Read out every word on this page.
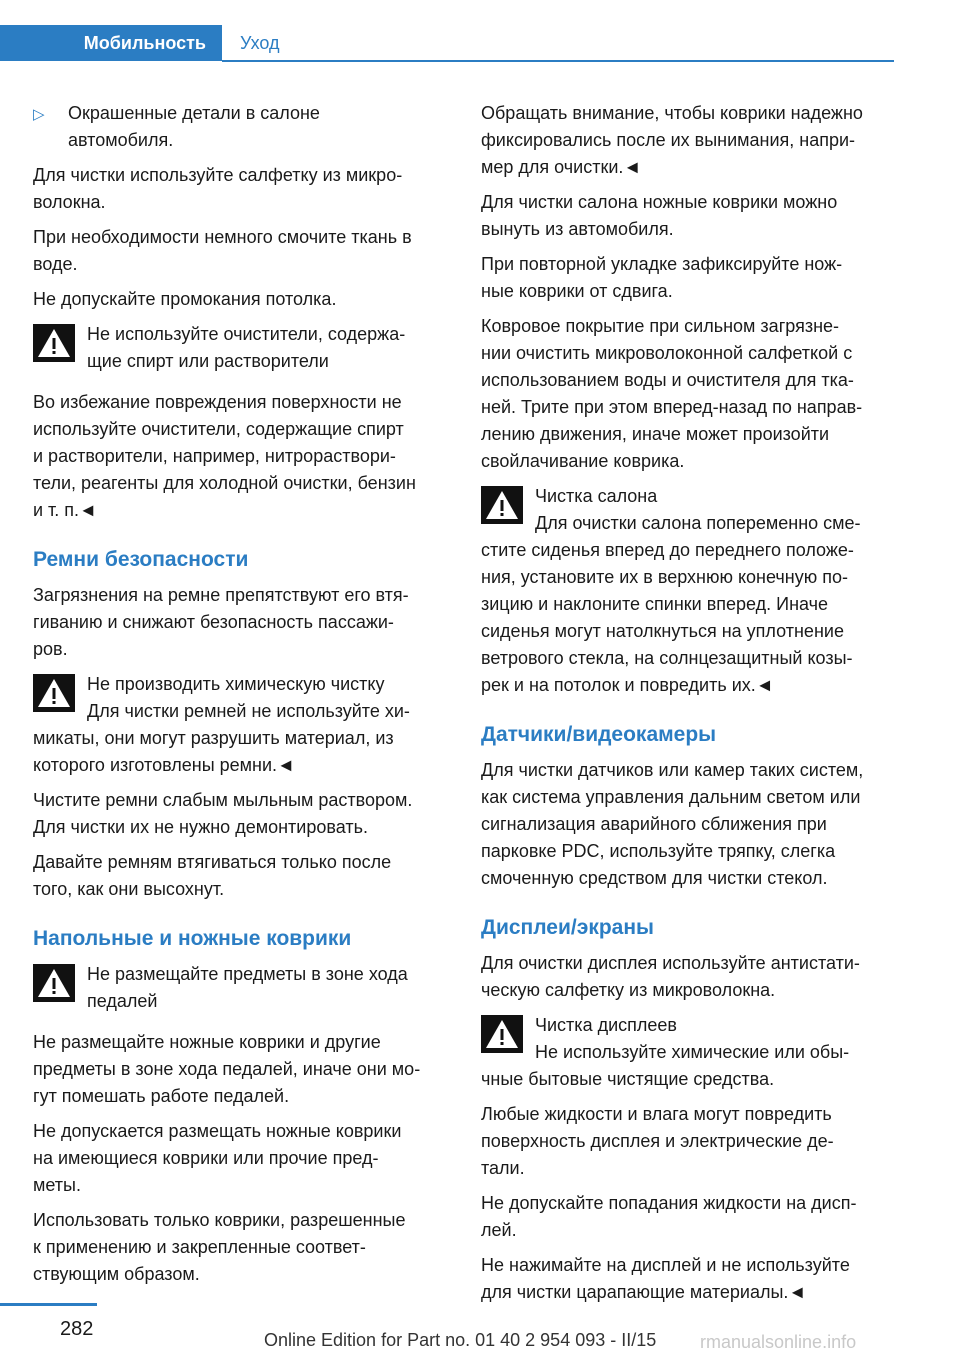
Мобильность	Уход
▷	Окрашенные детали в салоне
автомобиля.

Для чистки используйте салфетку из микро-
волокна.

При необходимости немного смочите ткань в
воде.

Не допускайте промокания потолка.

Не используйте очистители, содержа-
щие спирт или растворители

Во избежание повреждения поверхности не
используйте очистители, содержащие спирт
и растворители, например, нитрораствори-
тели, реагенты для холодной очистки, бензин
и т. п.◄

Ремни безопасности

Загрязнения на ремне препятствуют его втя-
гиванию и снижают безопасность пассажи-
ров.

Не производить химическую чистку
Для чистки ремней не используйте хи-
микаты, они могут разрушить материал, из
которого изготовлены ремни.◄

Чистите ремни слабым мыльным раствором.
Для чистки их не нужно демонтировать.

Давайте ремням втягиваться только после
того, как они высохнут.

Напольные и ножные коврики
Не размещайте предметы в зоне хода
педалей

Не размещайте ножные коврики и другие
предметы в зоне хода педалей, иначе они мо-
гут помешать работе педалей.

Не допускается размещать ножные коврики
на имеющиеся коврики или прочие пред-
меты.

Использовать только коврики, разрешенные
к применению и закрепленные соответ-
ствующим образом.

Обращать внимание, чтобы коврики надежно
фиксировались после их вынимания, напри-
мер для очистки.◄

Для чистки салона ножные коврики можно
вынуть из автомобиля.

При повторной укладке зафиксируйте нож-
ные коврики от сдвига.

Ковровое покрытие при сильном загрязне-
нии очистить микроволоконной салфеткой с
использованием воды и очистителя для тка-
ней. Трите при этом вперед-назад по направ-
лению движения, иначе может произойти
свойлачивание коврика.

Чистка салона
Для очистки салона попеременно сме-
стите сиденья вперед до переднего положе-
ния, установите их в верхнюю конечную по-
зицию и наклоните спинки вперед. Иначе
сиденья могут натолкнуться на уплотнение
ветрового стекла, на солнцезащитный козы-
рек и на потолок и повредить их.◄
Датчики/видеокамеры

Для чистки датчиков или камер таких систем,
как система управления дальним светом или
сигнализация аварийного сближения при
парковке PDC, используйте тряпку, слегка
смоченную средством для чистки стекол.

Дисплеи/экраны

Для очистки дисплея используйте антистати-
ческую салфетку из микроволокна.

Чистка дисплеев
Не используйте химические или обы-
чные бытовые чистящие средства.

Любые жидкости и влага могут повредить
поверхность дисплея и электрические де-
тали.

Не допускайте попадания жидкости на дисп-
лей.

Не нажимайте на дисплей и не используйте
для чистки царапающие материалы.◄

282	Online Edition for Part no. 01 40 2 954 093 - II/15 rmanualsonline.info
